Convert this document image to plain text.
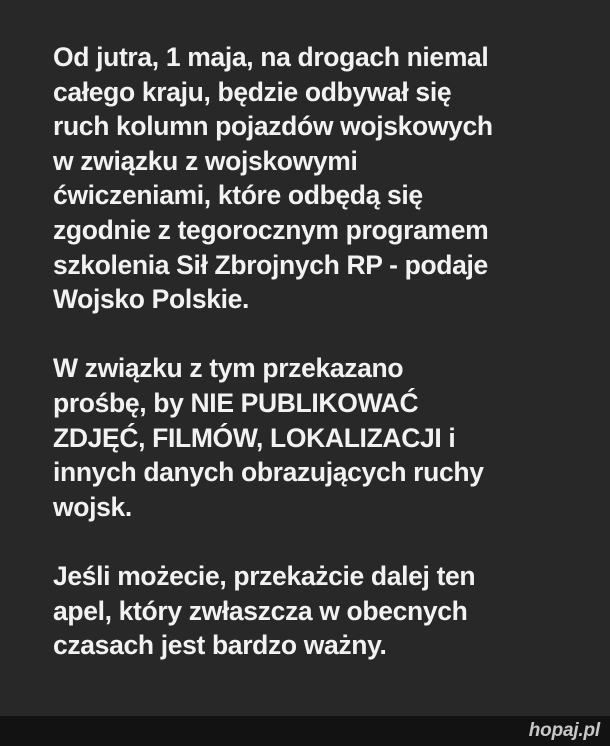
Od jutra, 1 maja, na drogach niemal
całego kraju, będzie odbywał się
ruch kolumn pojazdów wojskowych
w związku z wojskowymi
ćwiczeniami, które odbędą się
zgodnie z tegorocznym programem
szkolenia Sił Zbrojnych RP - podaje
Wojsko Polskie.

W związku z tym przekazano
prośbę, by NIE PUBLIKOWAĆ
ZDJĘĆ, FILMÓW, LOKALIZACJI i
innych danych obrazujących ruchy
wojsk.

Jeśli możecie, przekażcie dalej ten
apel, który zwłaszcza w obecnych
czasach jest bardzo ważny.

hopaj.pl
